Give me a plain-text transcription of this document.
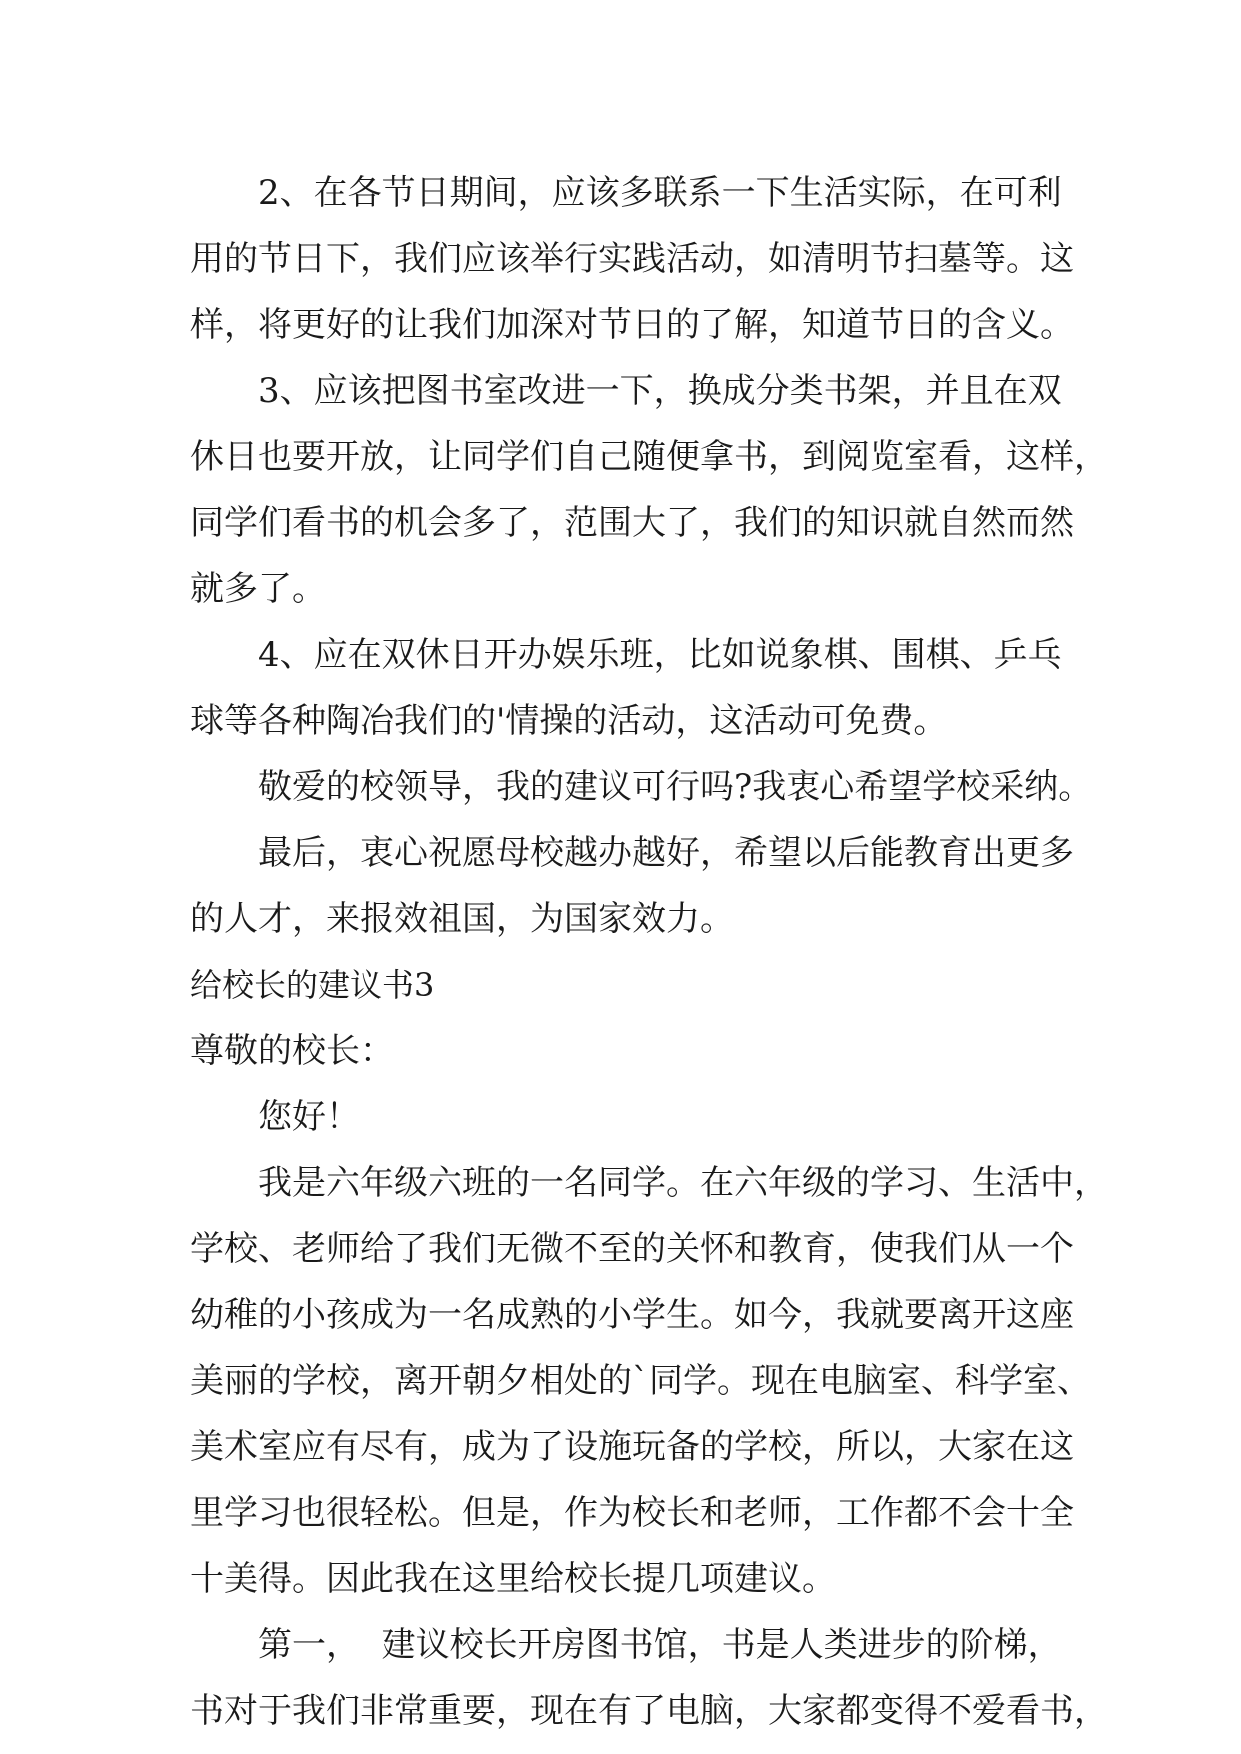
2、在各节日期间，应该多联系一下生活实际，在可利
用的节日下，我们应该举行实践活动，如清明节扫墓等。这
样，将更好的让我们加深对节日的了解，知道节日的含义。
3、应该把图书室改进一下，换成分类书架，并且在双
休日也要开放，让同学们自己随便拿书，到阅览室看，这样，
同学们看书的机会多了，范围大了，我们的知识就自然而然
就多了。
4、应在双休日开办娱乐班，比如说象棋、围棋、乒乓
球等各种陶冶我们的'情操的活动，这活动可免费。
敬爱的校领导，我的建议可行吗?我衷心希望学校采纳。
最后，衷心祝愿母校越办越好，希望以后能教育出更多
的人才，来报效祖国，为国家效力。
给校长的建议书3
尊敬的校长：
您好！
我是六年级六班的一名同学。在六年级的学习、生活中，
学校、老师给了我们无微不至的关怀和教育，使我们从一个
幼稚的小孩成为一名成熟的小学生。如今，我就要离开这座
美丽的学校，离开朝夕相处的`同学。现在电脑室、科学室、
美术室应有尽有，成为了设施玩备的学校，所以，大家在这
里学习也很轻松。但是，作为校长和老师，工作都不会十全
十美得。因此我在这里给校长提几项建议。
第一，  建议校长开房图书馆，书是人类进步的阶梯，
书对于我们非常重要，现在有了电脑，大家都变得不爱看书，
